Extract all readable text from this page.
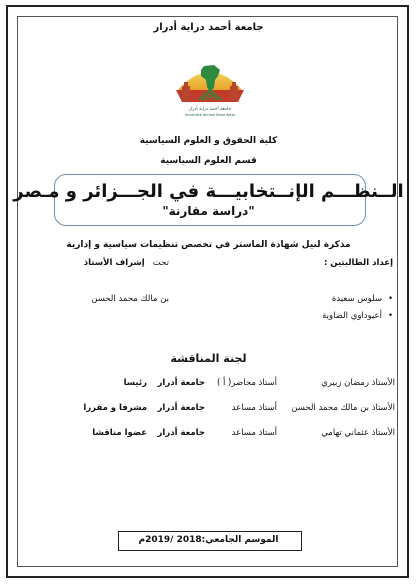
جامعة أحمد دراية أدرار
جامعة أحمد دراية أدرار
Université Ahmed Draia Adrar
كلية الحقوق و العلوم السياسية
قسم العلوم السياسية
الــنظـــم الإنــتخابيـــة في الجـــزائر و مـصر
"دراسة مقارنة"
مذكرة لنيل شهادة الماستر في تخصص تنظيمات سياسية و إدارية
إعداد الطالبتين :
تحت   إشراف الأستاذ
•سلوس سعيدة
•أعيوداوي الضاوية
بن مالك محمد الحسن
لجنة المناقشة
الأستاذ رمضان زبيري
أستاذ محاضر( أ )
جامعة أدرار
رئيسا
الأستاذ بن مالك محمد الحسن
أستاذ مساعد
جامعة أدرار
مشرفا و مقررا
الأستاذ عثماني تهامي
أستاذ مساعد
جامعة أدرار
عضوا مناقشا
الموسم الجامعي:2018 /2019م
